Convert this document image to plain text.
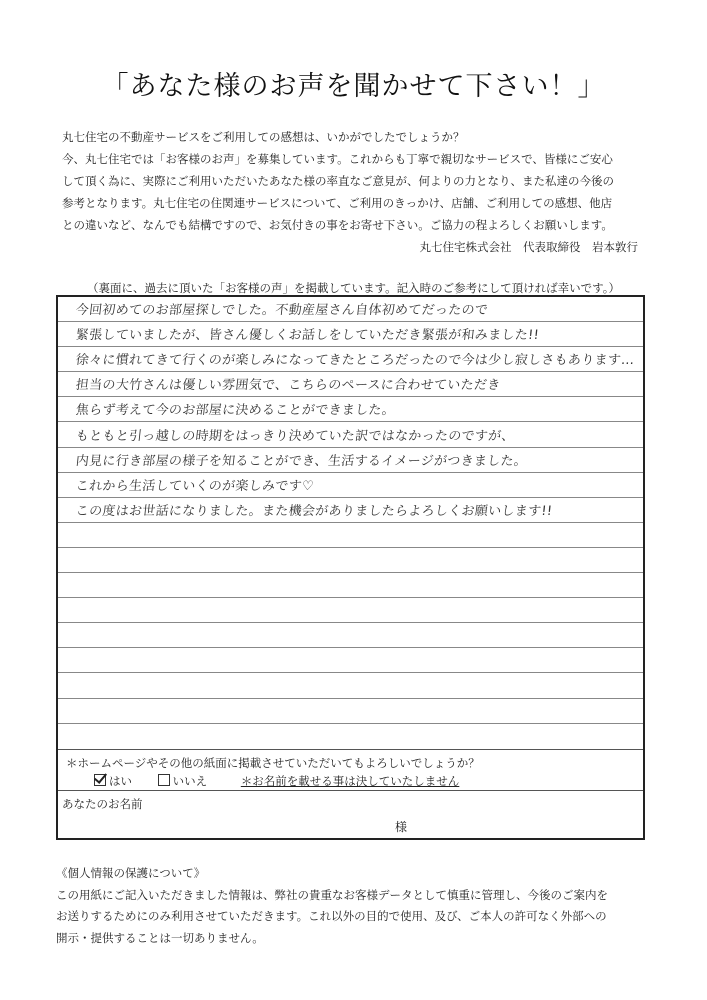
「あなた様のお声を聞かせて下さい！」
丸七住宅の不動産サービスをご利用しての感想は、いかがでしたでしょうか？
今、丸七住宅では「お客様のお声」を募集しています。これからも丁寧で親切なサービスで、皆様にご安心
して頂く為に、実際にご利用いただいたあなた様の率直なご意見が、何よりの力となり、また私達の今後の
参考となります。丸七住宅の住関連サービスについて、ご利用のきっかけ、店舗、ご利用しての感想、他店
との違いなど、なんでも結構ですので、お気付きの事をお寄せ下さい。ご協力の程よろしくお願いします。
丸七住宅株式会社　代表取締役　岩本敦行
（裏面に、過去に頂いた「お客様の声」を掲載しています。記入時のご参考にして頂ければ幸いです。）
今回初めてのお部屋探しでした。不動産屋さん自体初めてだったので
緊張していましたが、皆さん優しくお話しをしていただき緊張が和みました!!
徐々に慣れてきて行くのが楽しみになってきたところだったので今は少し寂しさもあります…
担当の大竹さんは優しい雰囲気で、こちらのペースに合わせていただき
焦らず考えて今のお部屋に決めることができました。
もともと引っ越しの時期をはっきり決めていた訳ではなかったのですが、
内見に行き部屋の様子を知ることができ、生活するイメージがつきました。
これから生活していくのが楽しみです♡
この度はお世話になりました。また機会がありましたらよろしくお願いします!!
＊ホームページやその他の紙面に掲載させていただいてもよろしいでしょうか？
はい	いいえ	＊お名前を載せる事は決していたしません
あなたのお名前
様
《個人情報の保護について》
この用紙にご記入いただきました情報は、弊社の貴重なお客様データとして慎重に管理し、今後のご案内を
お送りするためにのみ利用させていただきます。これ以外の目的で使用、及び、ご本人の許可なく外部への
開示・提供することは一切ありません。
